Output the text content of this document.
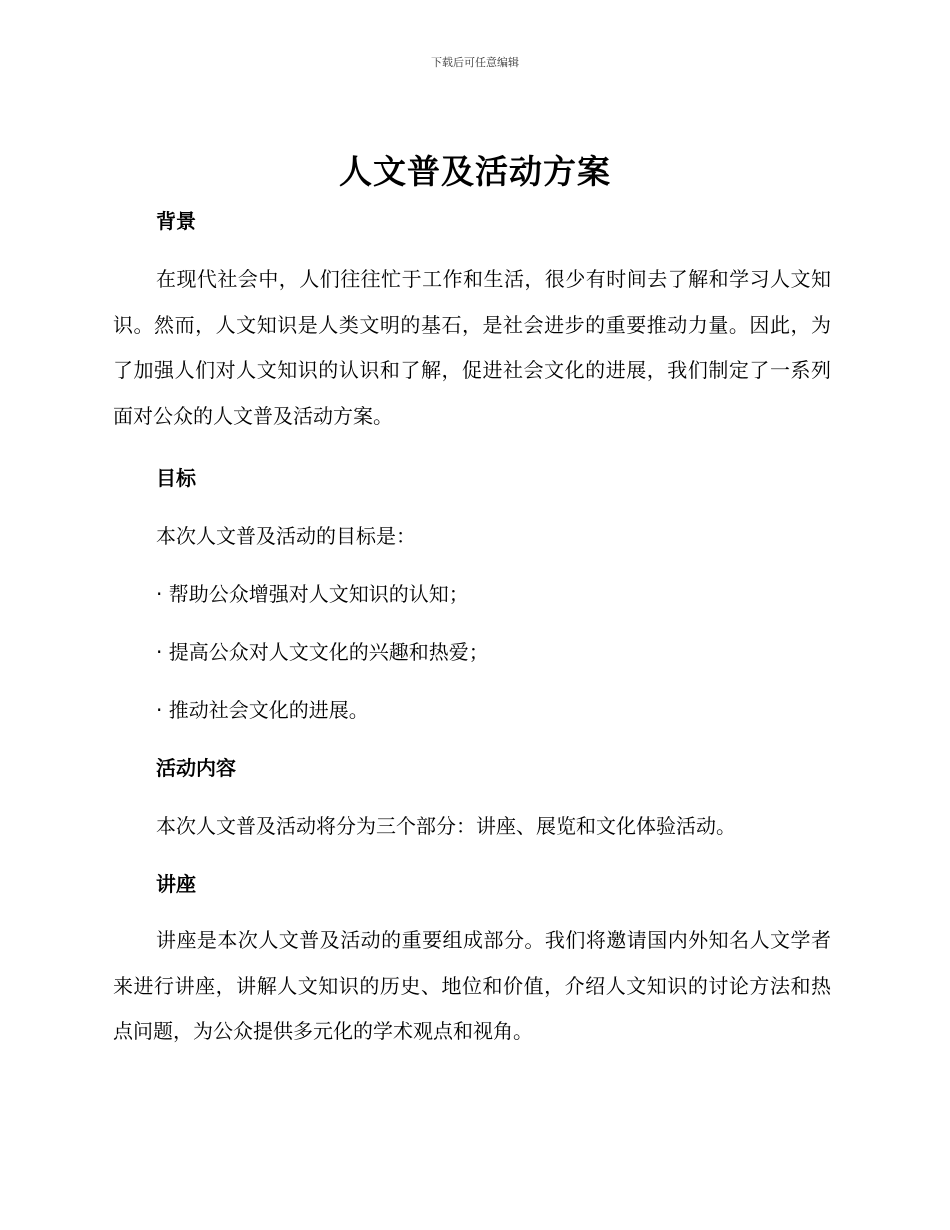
下载后可任意编辑
人文普及活动方案
背景

在现代社会中，人们往往忙于工作和生活，很少有时间去了解和学习人文知识。然而，人文知识是人类文明的基石，是社会进步的重要推动力量。因此，为了加强人们对人文知识的认识和了解，促进社会文化的进展，我们制定了一系列面对公众的人文普及活动方案。

目标
本次人文普及活动的目标是：
· 帮助公众增强对人文知识的认知；
· 提高公众对人文文化的兴趣和热爱；
· 推动社会文化的进展。
活动内容
本次人文普及活动将分为三个部分：讲座、展览和文化体验活动。
讲座

讲座是本次人文普及活动的重要组成部分。我们将邀请国内外知名人文学者来进行讲座，讲解人文知识的历史、地位和价值，介绍人文知识的讨论方法和热点问题，为公众提供多元化的学术观点和视角。
